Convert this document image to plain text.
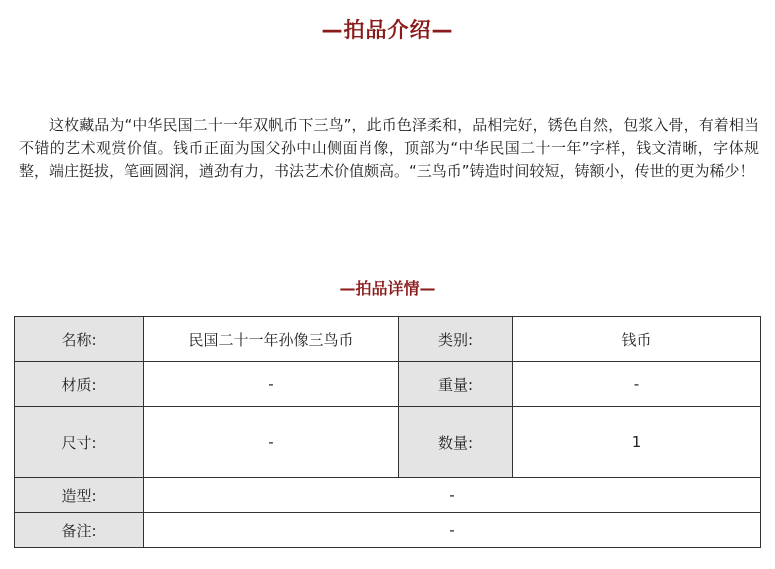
—拍品介绍—

这枚藏品为“中华民国二十一年双帆币下三鸟”，此币色泽柔和，品相完好，锈色自然，包浆入骨，有着相当不错的艺术观赏价值。钱币正面为国父孙中山侧面肖像，顶部为“中华民国二十一年”字样，钱文清晰，字体规整，端庄挺拔，笔画圆润，遒劲有力，书法艺术价值颇高。“三鸟币”铸造时间较短，铸额小，传世的更为稀少！

—拍品详情—
名称:	民国二十一年孙像三鸟币	类别:	钱币
材质:	-	重量:	-
尺寸:	-	数量:	1
造型:	-		
备注:	-		
